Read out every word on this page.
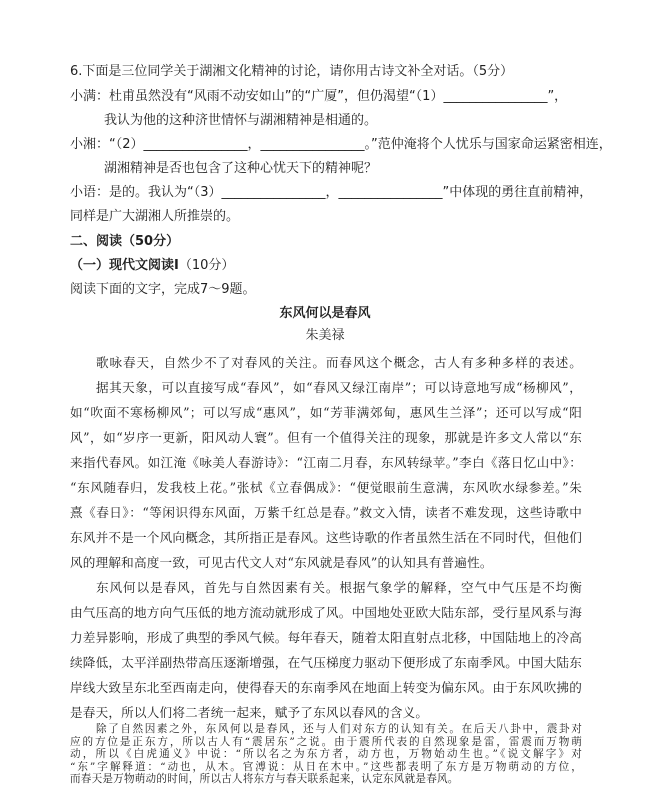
6.下面是三位同学关于湖湘文化精神的讨论，请你用古诗文补全对话。（5分）
小满：杜甫虽然没有“风雨不动安如山”的“广厦”，但仍渴望“（1）________________”，
我认为他的这种济世情怀与湖湘精神是相通的。
小湘：“（2）________________，________________。”范仲淹将个人忧乐与国家命运紧密相连，
湖湘精神是否也包含了这种心忧天下的精神呢？
小语：是的。我认为“（3）________________，________________”中体现的勇往直前精神，
同样是广大湖湘人所推崇的。
二、阅读（50分）
（一）现代文阅读Ⅰ（10分）
阅读下面的文字，完成7～9题。
东风何以是春风
朱美禄
歌咏春天，自然少不了对春风的关注。而春风这个概念，古人有多种多样的表述。
据其天象，可以直接写成“春风”，如“春风又绿江南岸”；可以诗意地写成“杨柳风”，
如“吹面不寒杨柳风”；可以写成“惠风”，如“芳菲满郊甸，惠风生兰泽”；还可以写成“阳
风”，如“岁序一更新，阳风动人寰”。但有一个值得关注的现象，那就是许多文人常以“东
来指代春风。如江淹《咏美人春游诗》：“江南二月春，东风转绿苹。”李白《落日忆山中》：
“东风随春归，发我枝上花。”张栻《立春偶成》：“便觉眼前生意满，东风吹水绿参差。”朱
熹《春日》：“等闲识得东风面，万紫千红总是春。”救文入情，读者不难发现，这些诗歌中
东风并不是一个风向概念，其所指正是春风。这些诗歌的作者虽然生活在不同时代，但他们
风的理解和高度一致，可见古代文人对“东风就是春风”的认知具有普遍性。
东风何以是春风，首先与自然因素有关。根据气象学的解释，空气中气压是不均衡
由气压高的地方向气压低的地方流动就形成了风。中国地处亚欧大陆东部，受行星风系与海
力差异影响，形成了典型的季风气候。每年春天，随着太阳直射点北移，中国陆地上的冷高
续降低，太平洋副热带高压逐渐增强，在气压梯度力驱动下便形成了东南季风。中国大陆东
岸线大致呈东北至西南走向，使得春天的东南季风在地面上转变为偏东风。由于东风吹拂的
是春天，所以人们将二者统一起来，赋予了东风以春风的含义。
除了自然因素之外，东风何以是春风，还与人们对东方的认知有关。在后天八卦中，震卦对
应的方位是正东方，所以古人有“震居东”之说。由于震所代表的自然现象是雷，雷震而万物萌
动，所以《白虎通义》中说：“所以名之为东方者，动方也，万物始动生也。”《说文解字》对
“东”字解释道：“动也，从木。官溥说：从日在木中。”这些都表明了东方是万物萌动的方位，
而春天是万物萌动的时间，所以古人将东方与春天联系起来，认定东风就是春风。
